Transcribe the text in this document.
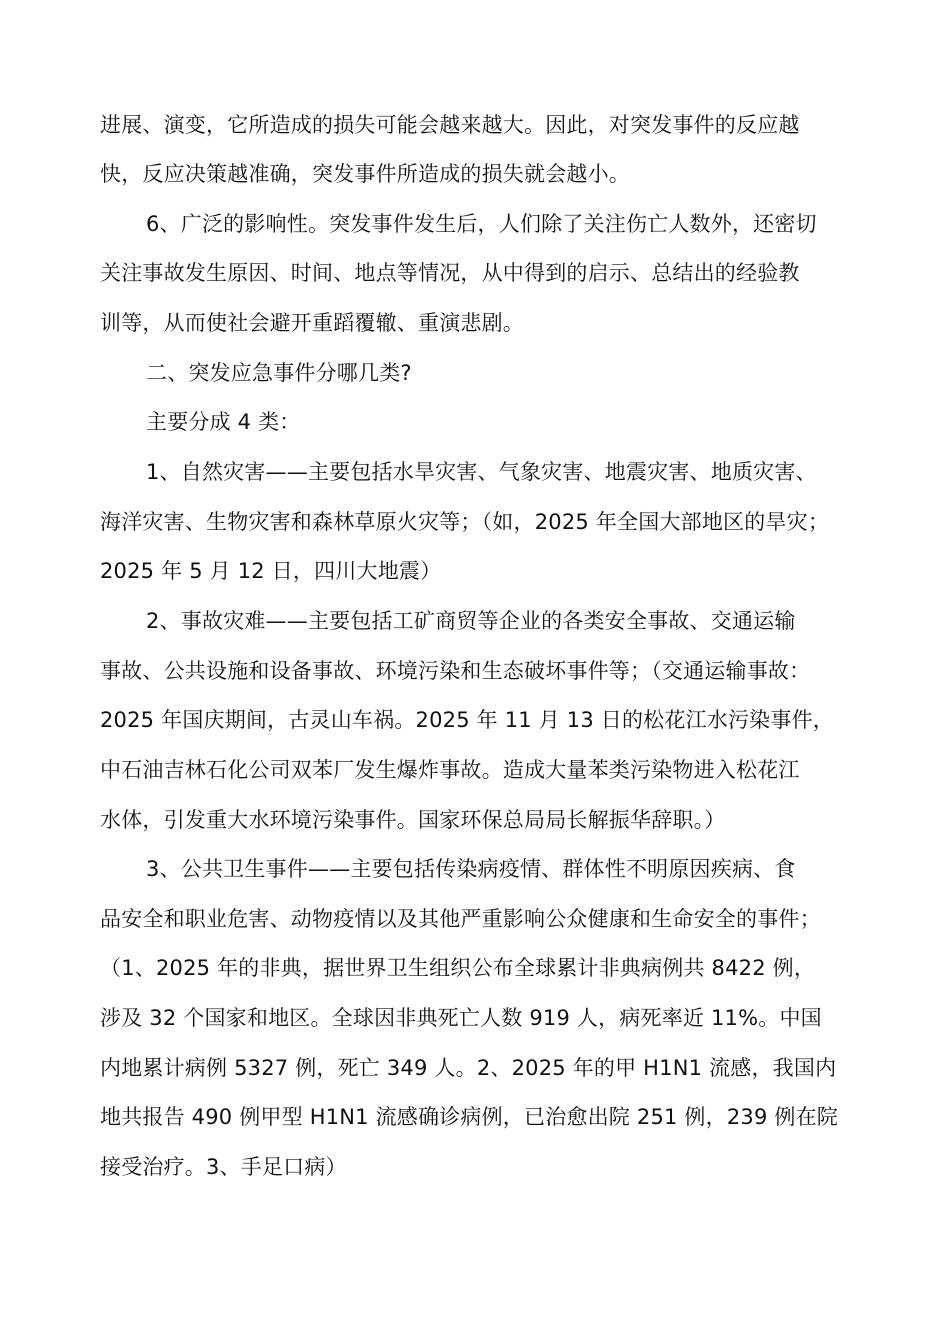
进展、演变，它所造成的损失可能会越来越大。因此，对突发事件的反应越
快，反应决策越准确，突发事件所造成的损失就会越小。
6、广泛的影响性。突发事件发生后，人们除了关注伤亡人数外，还密切
关注事故发生原因、时间、地点等情况，从中得到的启示、总结出的经验教
训等，从而使社会避开重蹈覆辙、重演悲剧。
二、突发应急事件分哪几类?
主要分成 4 类：
1、自然灾害——主要包括水旱灾害、气象灾害、地震灾害、地质灾害、
海洋灾害、生物灾害和森林草原火灾等；（如，2025 年全国大部地区的旱灾；
2025 年 5 月 12 日，四川大地震）
2、事故灾难——主要包括工矿商贸等企业的各类安全事故、交通运输
事故、公共设施和设备事故、环境污染和生态破坏事件等；（交通运输事故：
2025 年国庆期间，古灵山车祸。2025 年 11 月 13 日的松花江水污染事件，
中石油吉林石化公司双苯厂发生爆炸事故。造成大量苯类污染物进入松花江
水体，引发重大水环境污染事件。国家环保总局局长解振华辞职。）
3、公共卫生事件——主要包括传染病疫情、群体性不明原因疾病、食
品安全和职业危害、动物疫情以及其他严重影响公众健康和生命安全的事件；
（1、2025 年的非典，据世界卫生组织公布全球累计非典病例共 8422 例，
涉及 32 个国家和地区。全球因非典死亡人数 919 人，病死率近 11%。中国
内地累计病例 5327 例，死亡 349 人。2、2025 年的甲 H1N1 流感，我国内
地共报告 490 例甲型 H1N1 流感确诊病例，已治愈出院 251 例，239 例在院
接受治疗。3、手足口病）
